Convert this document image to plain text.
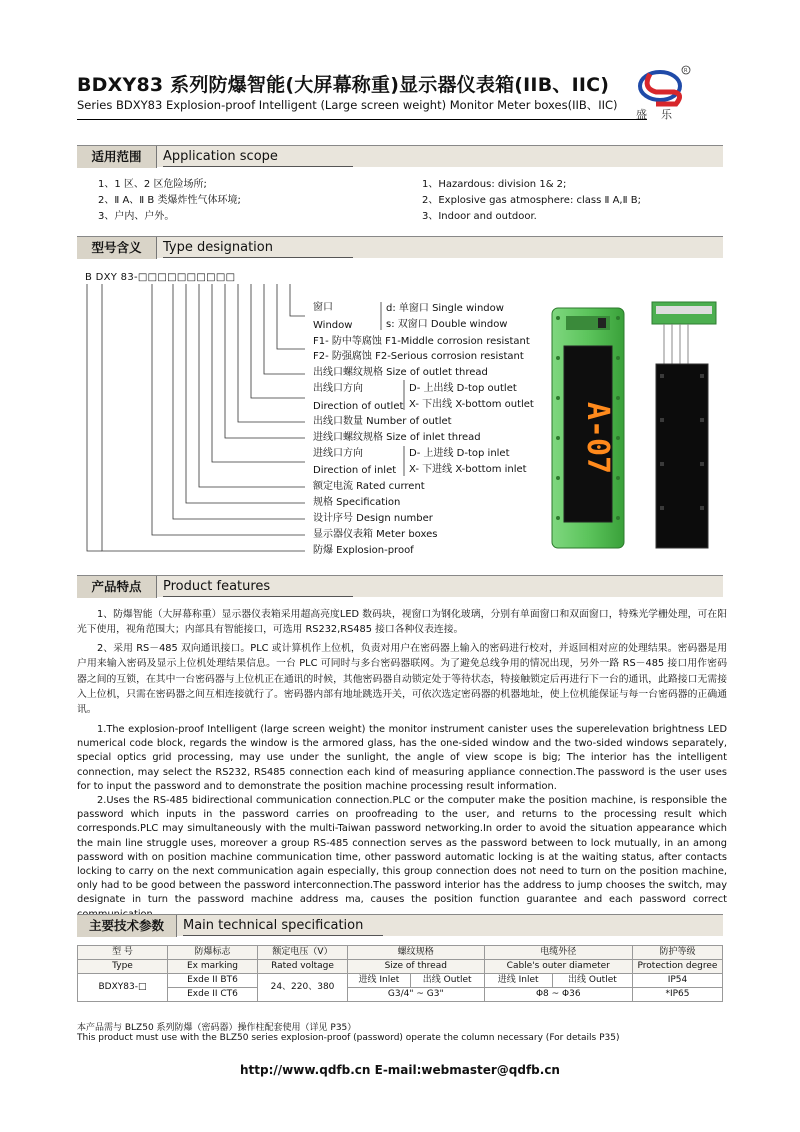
BDXY83 系列防爆智能(大屏幕称重)显示器仪表箱(IIB、IIC)
Series BDXY83 Explosion-proof Intelligent (Large screen weight) Monitor Meter boxes(IIB、IIC)
R
盛乐
适用范围	Application scope
1、1 区、2 区危险场所;
2、Ⅱ A、Ⅱ B 类爆炸性气体环境;
3、户内、户外。
1、Hazardous: division 1& 2;
2、Explosive gas atmosphere: class Ⅱ A,Ⅱ B;
3、Indoor and outdoor.
型号含义	Type designation
B DXY 83-□□□□□□□□□□
窗口
Window
d: 单窗口 Single window
s: 双窗口 Double window
F1- 防中等腐蚀 F1-Middle corrosion resistant
F2- 防强腐蚀 F2-Serious corrosion resistant
出线口螺纹规格 Size of outlet thread
出线口方向
Direction of outlet
D- 上出线 D-top outlet
X- 下出线 X-bottom outlet
出线口数量 Number of outlet
进线口螺纹规格 Size of inlet thread
进线口方向
Direction of inlet
D- 上进线 D-top inlet
X- 下进线 X-bottom inlet
额定电流 Rated current
规格 Specification
设计序号 Design number
显示器仪表箱 Meter boxes
防爆 Explosion-proof
A-07
产品特点	Product features
1、防爆智能（大屏幕称重）显示器仪表箱采用超高亮度LED 数码块，视窗口为钢化玻璃，分别有单面窗口和双面窗口，特殊光学栅处理，可在阳光下使用，视角范围大；内部具有智能接口，可选用 RS232,RS485 接口各种仪表连接。
2、采用 RS－485 双向通讯接口。PLC 或计算机作上位机，负责对用户在密码器上输入的密码进行校对，并返回相对应的处理结果。密码器是用户用来输入密码及显示上位机处理结果信息。一台 PLC 可同时与多台密码器联网。为了避免总线争用的情况出现，另外一路 RS－485 接口用作密码器之间的互锁，在其中一台密码器与上位机正在通讯的时候，其他密码器自动锁定处于等待状态，特接触锁定后再进行下一台的通讯，此路接口无需接入上位机，只需在密码器之间互相连接就行了。密码器内部有地址跳选开关，可依次选定密码器的机器地址，使上位机能保证与每一台密码器的正确通讯。
1.The explosion-proof Intelligent (large screen weight) the monitor instrument canister uses the superelevation brightness LED numerical code block, regards the window is the armored glass, has the one-sided window and the two-sided windows separately, special optics grid processing, may use under the sunlight, the angle of view scope is big; The interior has the intelligent connection, may select the RS232, RS485 connection each kind of measuring appliance connection.The password is the user uses for to input the password and to demonstrate the position machine processing result information.
2.Uses the RS-485 bidirectional communication connection.PLC or the computer make the position machine, is responsible the password which inputs in the password carries on proofreading to the user, and returns to the processing result which corresponds.PLC may simultaneously with the multi-Taiwan password networking.In order to avoid the situation appearance which the main line struggle uses, moreover a group RS-485 connection serves as the password between to lock mutually, in an among password with on position machine communication time, other password automatic locking is at the waiting status, after contacts locking to carry on the next communication again especially, this group connection does not need to turn on the position machine, only had to be good between the password interconnection.The password interior has the address to jump chooses the switch, may designate in turn the password machine address ma, causes the position function guarantee and each password correct
主要技术参数	Main technical specification
型 号	防爆标志	额定电压（V）	螺纹规格		电缆外径		防护等级
Type	Ex marking	Rated voltage	Size of thread		Cable's outer diameter		Protection degree
BDXY83-□	Exde II BT6	24、220、380	进线 Inlet	出线 Outlet	进线 Inlet	出线 Outlet	IP54
	Exde II CT6		G3/4" ~ G3"		Φ8 ~ Φ36		*IP65
本产品需与 BLZ50 系列防爆（密码器）操作柱配套使用（详见 P35）
This product must use with the BLZ50 series explosion-proof (password) operate the column necessary (For details P35)
http://www.qdfb.cn E-mail:webmaster@qdfb.cn
